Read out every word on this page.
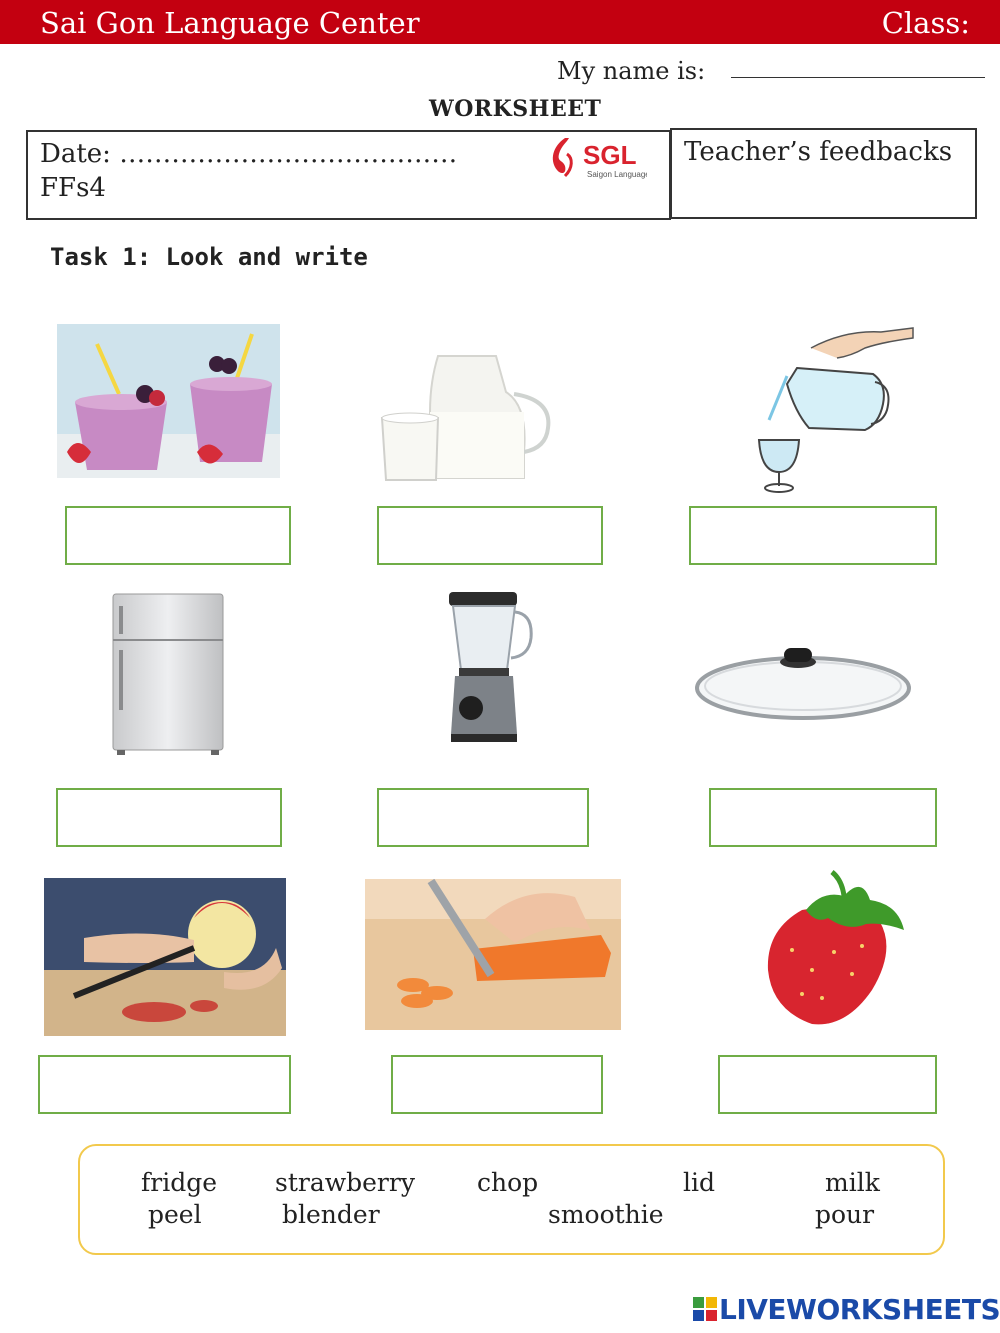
Sai Gon Language Center	Class:
My name is:
WORKSHEET
Date: …………………………………
FFs4
SGL
Saigon Language
Teacher’s feedbacks
Task 1: Look and write
fridge strawberry chop	lid	milk
peel	blender	smoothie	pour
LIVEWORKSHEETS
